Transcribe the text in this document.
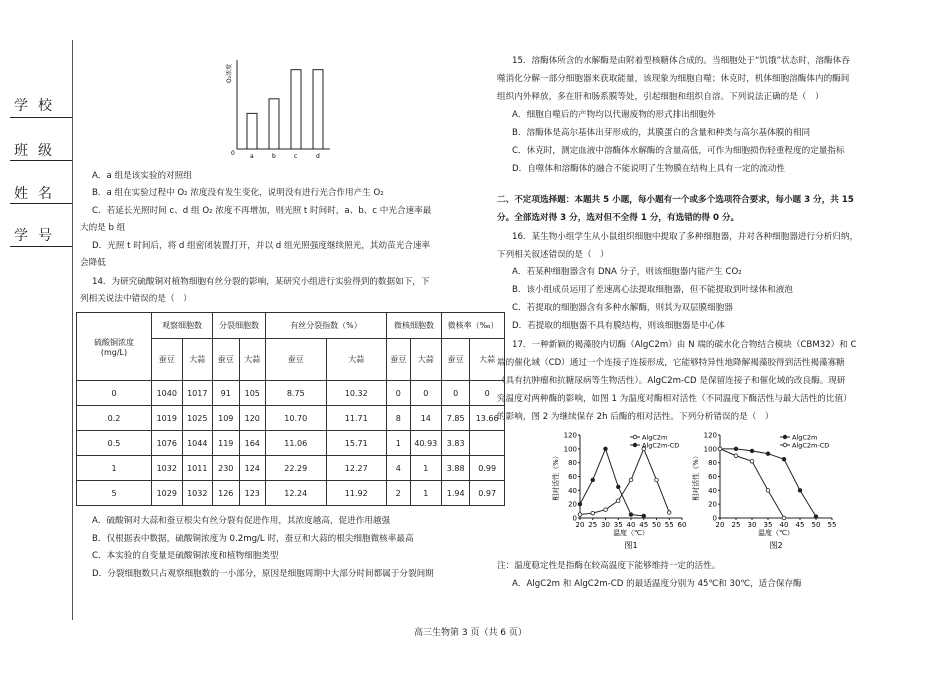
学校
班级
姓名
学号
O₂浓度
0	a	b	c	d
A．a 组是该实验的对照组
B．a 组在实验过程中 O₂ 浓度没有发生变化，说明没有进行光合作用产生 O₂
C．若延长光照时间 c、d 组 O₂ 浓度不再增加，则光照 t 时间时，a、b、c 中光合速率最
大的是 b 组
D．光照 t 时间后，将 d 组密闭装置打开，并以 d 组光照强度继续照光，其幼苗光合速率
会降低
14．为研究硫酸铜对植物细胞有丝分裂的影响，某研究小组进行实验得到的数据如下，下
列相关说法中错误的是（　）
硫酸铜浓度
(mg/L)	观察细胞数		分裂细胞数		有丝分裂指数（%）		微核细胞数		微核率（‰）	
	蚕豆	大蒜	蚕豆	大蒜	蚕豆	大蒜	蚕豆	大蒜	蚕豆	大蒜
0	1040	1017	91	105	8.75	10.32	0	0	0	0
0.2	1019	1025	109	120	10.70	11.71	8	14	7.85	13.66
0.5	1076	1044	119	164	11.06	15.71	1	40.93	3.83	
1	1032	1011	230	124	22.29	12.27	4	1	3.88	0.99
5	1029	1032	126	123	12.24	11.92	2	1	1.94	0.97
A．硫酸铜对大蒜和蚕豆根尖有丝分裂有促进作用，其浓度越高，促进作用越强
B．仅根据表中数据，硫酸铜浓度为 0.2mg/L 时，蚕豆和大蒜的根尖细胞微核率最高
C．本实验的自变量是硫酸铜浓度和植物细胞类型
D．分裂细胞数只占观察细胞数的一小部分，原因是细胞周期中大部分时间都属于分裂间期
15．溶酶体所含的水解酶是由附着型核糖体合成的。当细胞处于“饥饿”状态时，溶酶体吞
噬消化分解一部分细胞器来获取能量，该现象为细胞自噬；休克时，机体细胞溶酶体内的酶间
组织内外释放，多在肝和肠系膜等处，引起细胞和组织自溶。下列说法正确的是（　）
A．细胞自噬后的产物均以代谢废物的形式排出细胞外
B．溶酶体是高尔基体出芽形成的，其膜蛋白的含量和种类与高尔基体膜的相同
C．休克时，测定血液中溶酶体水解酶的含量高低，可作为细胞损伤轻重程度的定量指标
D．自噬体和溶酶体的融合不能说明了生物膜在结构上具有一定的流动性
二、不定项选择题：本题共 5 小题，每小题有一个或多个选项符合要求，每小题 3 分，共 15
分。全部选对得 3 分，选对但不全得 1 分，有选错的得 0 分。
16．某生物小组学生从小鼠组织细胞中提取了多种细胞器，并对各种细胞器进行分析归纳，
下列相关叙述错误的是（　）
A．若某种细胞器含有 DNA 分子，则该细胞器内能产生 CO₂
B．该小组成员运用了差速离心法提取细胞器，但不能提取到叶绿体和液泡
C．若提取的细胞器含有多种水解酶，则其为双层膜细胞器
D．若提取的细胞器不具有膜结构，则该细胞器是中心体
17．一种新颖的褐藻胶内切酶（AlgC2m）由 N 端的碳水化合物结合模块（CBM32）和 C
端的催化域（CD）通过一个连接子连接形成，它能够特异性地降解褐藻胶得到活性褐藻寡糖
（具有抗肿瘤和抗糖尿病等生物活性）。AlgC2m-CD 是保留连接子和催化域的改良酶。现研
究温度对两种酶的影响，如图 1 为温度对酶相对活性（不同温度下酶活性与最大活性的比值）
的影响，图 2 为继续保存 2h 后酶的相对活性。下列分析错误的是（　）
0
20
40
60
80
100
120
20 25 30 35 40 45 50 55 60
相对活性（%）
温度（℃）
图1
AlgC2m
AlgC2m-CD
0
20
40
60
80
100
120
20 25 30 35 40 45 50 55
相对活性（%）
温度（℃）
图2
AlgC2m
AlgC2m-CD
注：温度稳定性是指酶在较高温度下能够维持一定的活性。
A．AlgC2m 和 AlgC2m-CD 的最适温度分别为 45℃和 30℃，适合保存酶
高三生物第 3 页（共 6 页）
